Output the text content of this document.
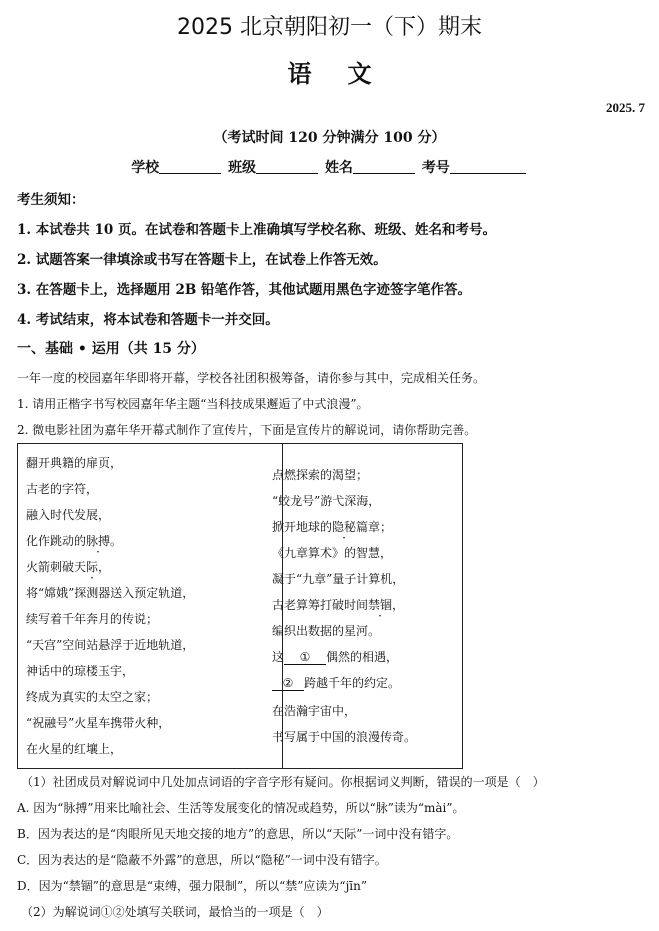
2025 北京朝阳初一（下）期末
语文
2025. 7
（考试时间 120 分钟满分 100 分）
学校	班级	姓名	考号
考生须知：
1. 本试卷共 10 页。在试卷和答题卡上准确填写学校名称、班级、姓名和考号。
2. 试题答案一律填涂或书写在答题卡上，在试卷上作答无效。
3. 在答题卡上，选择题用 2B 铅笔作答，其他试题用黑色字迹签字笔作答。
4. 考试结束，将本试卷和答题卡一并交回。
一、基础 • 运用（共 15 分）
一年一度的校园嘉年华即将开幕，学校各社团积极筹备，请你参与其中，完成相关任务。
1. 请用正楷字书写校园嘉年华主题“当科技成果邂逅了中式浪漫”。
2. 微电影社团为嘉年华开幕式制作了宣传片，下面是宣传片的解说词，请你帮助完善。
翻开典籍的扉页，
古老的字符，
融入时代发展，
化作跳动的脉搏。
火箭刺破天际，
将“嫦娥”探测器送入预定轨道，
续写着千年奔月的传说；
“天宫”空间站悬浮于近地轨道，
神话中的琼楼玉宇，
终成为真实的太空之家；
“祝融号”火星车携带火种，
在火星的红壤上，
点燃探索的渴望；
“蛟龙号”游弋深海，
掀开地球的隐秘篇章；
《九章算术》的智慧，
凝于“九章”量子计算机，
古老算筹打破时间禁锢，
编织出数据的星河。
这 ① 偶然的相遇，
② 跨越千年的约定。
在浩瀚宇宙中，
书写属于中国的浪漫传奇。
（1）社团成员对解说词中几处加点词语的字音字形有疑问。你根据词义判断，错误的一项是（　）
A. 因为“脉搏”用来比喻社会、生活等发展变化的情况或趋势，所以“脉”读为“mài”。
B．因为表达的是“肉眼所见天地交接的地方”的意思，所以“天际”一词中没有错字。
C．因为表达的是“隐蔽不外露”的意思，所以“隐秘”一词中没有错字。
D．因为“禁锢”的意思是“束缚，强力限制”，所以“禁”应读为“jīn”
（2）为解说词①②处填写关联词，最恰当的一项是（　）
